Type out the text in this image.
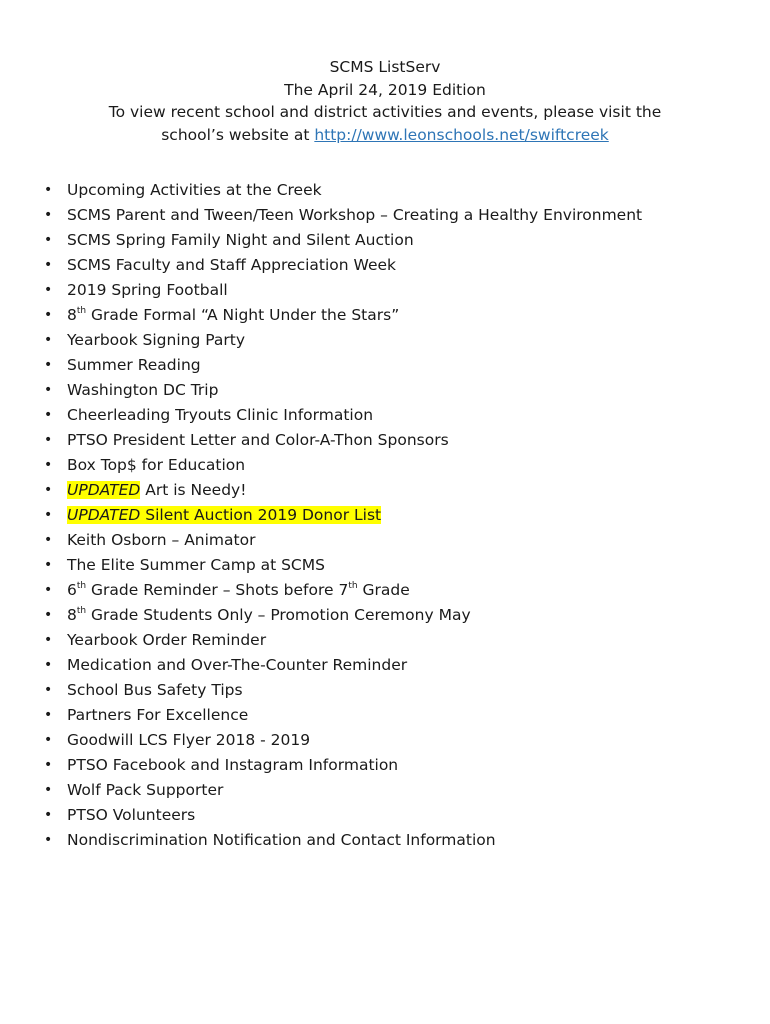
SCMS ListServ
The April 24, 2019 Edition
To view recent school and district activities and events, please visit the
school’s website at http://www.leonschools.net/swiftcreek
• Upcoming Activities at the Creek
• SCMS Parent and Tween/Teen Workshop – Creating a Healthy Environment
• SCMS Spring Family Night and Silent Auction
• SCMS Faculty and Staff Appreciation Week
• 2019 Spring Football
• 8th Grade Formal “A Night Under the Stars”
• Yearbook Signing Party
• Summer Reading
• Washington DC Trip
• Cheerleading Tryouts Clinic Information
• PTSO President Letter and Color-A-Thon Sponsors
• Box Top$ for Education
• UPDATED Art is Needy!
• UPDATED Silent Auction 2019 Donor List
• Keith Osborn – Animator
• The Elite Summer Camp at SCMS
• 6th Grade Reminder – Shots before 7th Grade
• 8th Grade Students Only – Promotion Ceremony May
• Yearbook Order Reminder
• Medication and Over-The-Counter Reminder
• School Bus Safety Tips
• Partners For Excellence
• Goodwill LCS Flyer 2018 - 2019
• PTSO Facebook and Instagram Information
• Wolf Pack Supporter
• PTSO Volunteers
• Nondiscrimination Notification and Contact Information
